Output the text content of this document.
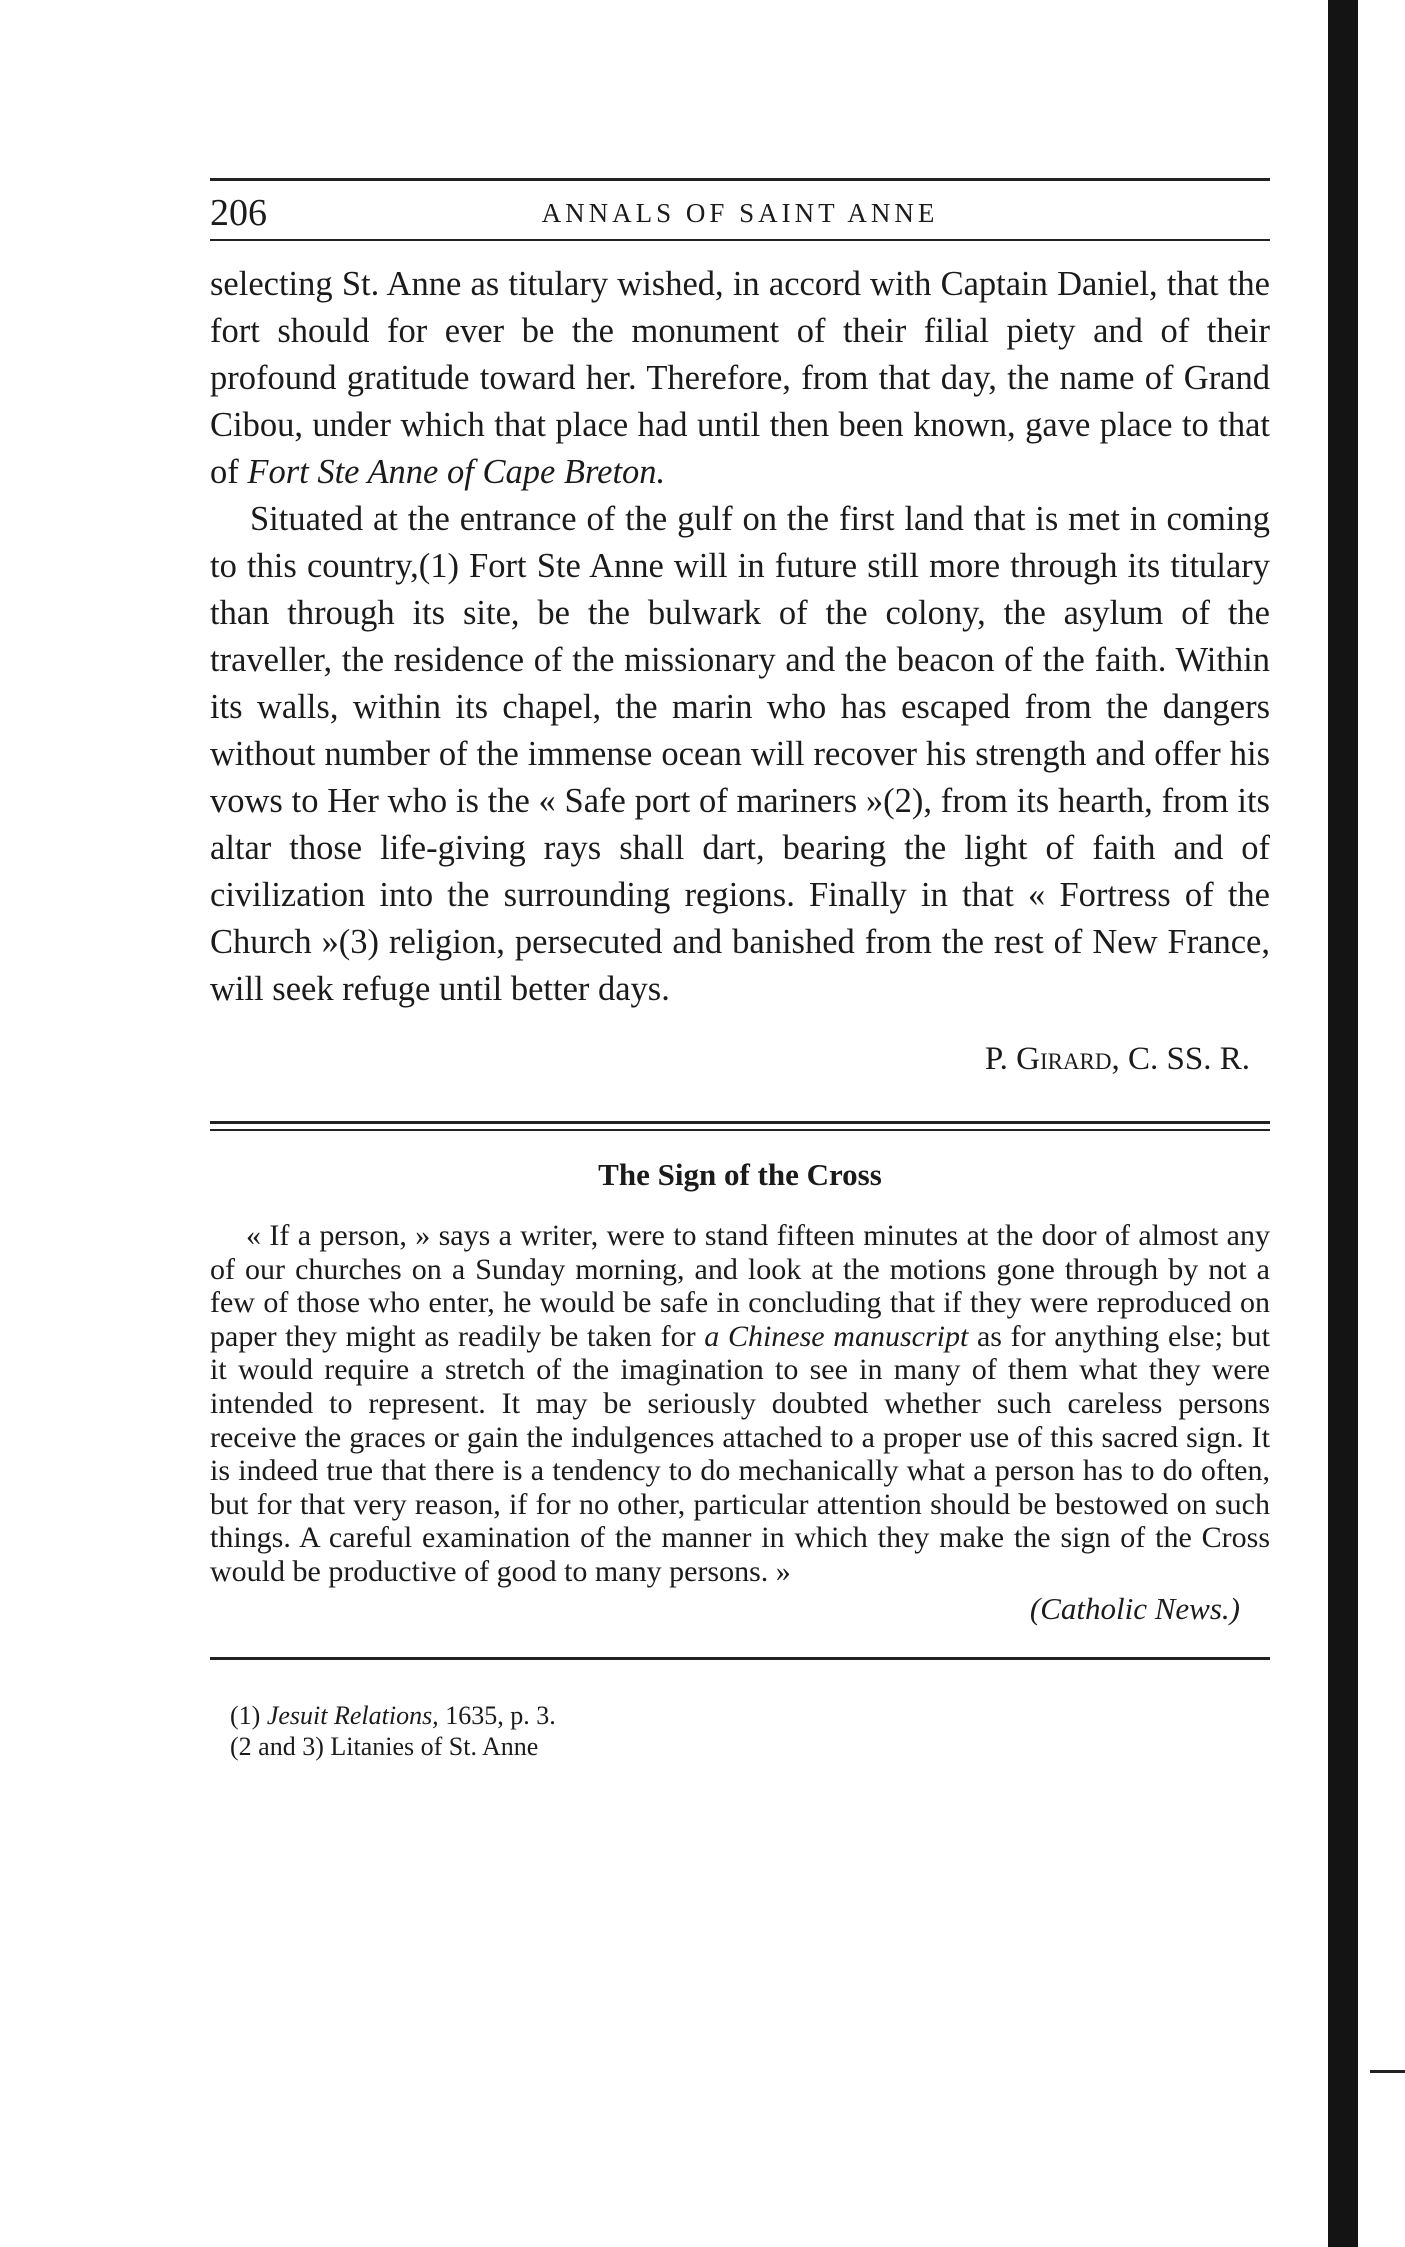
206	ANNALS OF SAINT ANNE

selecting St. Anne as titulary wished, in accord with Captain Daniel, that the fort should for ever be the monument of their filial piety and of their profound gratitude toward her. Therefore, from that day, the name of Grand Cibou, under which that place had until then been known, gave place to that of Fort Ste Anne of Cape Breton.

Situated at the entrance of the gulf on the first land that is met in coming to this country,(1) Fort Ste Anne will in future still more through its titulary than through its site, be the bulwark of the colony, the asylum of the traveller, the residence of the missionary and the beacon of the faith. Within its walls, within its chapel, the marin who has escaped from the dangers without number of the immense ocean will recover his strength and offer his vows to Her who is the « Safe port of mariners »(2), from its hearth, from its altar those life-giving rays shall dart, bearing the light of faith and of civilization into the surrounding regions. Finally in that « Fortress of the Church »(3) religion, persecuted and banished from the rest of New France, will seek refuge until better days.

P. Girard, C. SS. R.
The Sign of the Cross

« If a person, » says a writer, were to stand fifteen minutes at the door of almost any of our churches on a Sunday morning, and look at the motions gone through by not a few of those who enter, he would be safe in concluding that if they were reproduced on paper they might as readily be taken for a Chinese manuscript as for anything else; but it would require a stretch of the imagination to see in many of them what they were intended to represent. It may be seriously doubted whether such careless persons receive the graces or gain the indulgences attached to a proper use of this sacred sign. It is indeed true that there is a tendency to do mechanically what a person has to do often, but for that very reason, if for no other, particular attention should be bestowed on such things. A careful examination of the manner in which they make the sign of the Cross would be productive of good to many persons. »

(Catholic News.)
(1) Jesuit Relations, 1635, p. 3.
(2 and 3) Litanies of St. Anne
